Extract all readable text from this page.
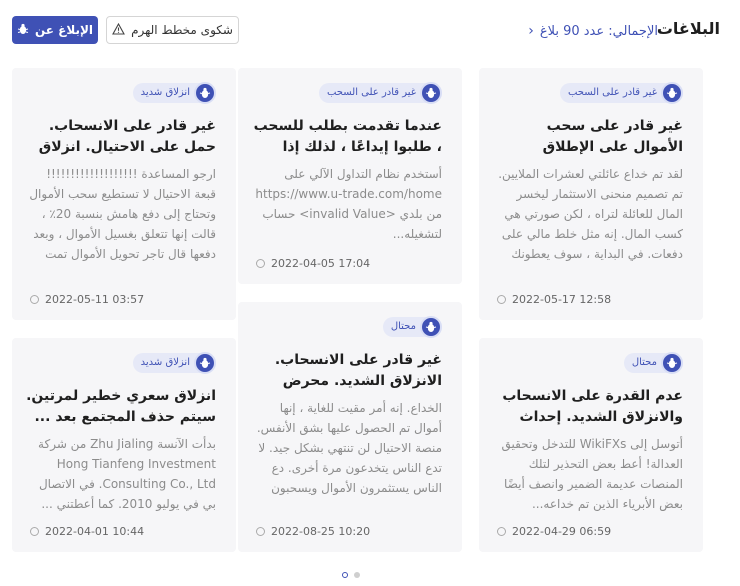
البلاغات
الإجمالي: عدد 90 بلاغ
‹
الإبلاغ عن	شكوى مخطط الهرم
غير قادر على السحب
غير قادر على سحب الأموال على الإطلاق
لقد تم خداع عائلتي لعشرات الملايين. تم تصميم منحنى الاستثمار ليخسر المال للعائلة لتراه ، لكن صورتي هي كسب المال. إنه مثل خلط مالي على دفعات. في البداية ، سوف يعطونك
2022-05-17 12:58
غير قادر على السحب
عندما تقدمت بطلب للسحب ، طلبوا إيداعًا ، لذلك إذا
أستخدم نظام التداول الآلي على https://www.u-trade.com/home من بلدي <invalid Value> حساب لتشغيله...
2022-04-05 17:04
انزلاق شديد
غير قادر على الانسحاب. حمل على الاحتيال. انزلاق
ارجو المساعدة !!!!!!!!!!!!!!!!!!! قبعة الاحتيال لا تستطيع سحب الأموال وتحتاج إلى دفع هامش بنسبة 20٪ ، قالت إنها تتعلق بغسيل الأموال ، وبعد دفعها قال تاجر تحويل الأموال تمت
2022-05-11 03:57
محتال
عدم القدرة على الانسحاب والانزلاق الشديد. إحداث
أتوسل إلى WikiFXs للتدخل وتحقيق العدالة! أعط بعض التحذير لتلك المنصات عديمة الضمير وانصف أيضًا بعض الأبرياء الذين تم خداعه...
2022-04-29 06:59
محتال
غير قادر على الانسحاب. الانزلاق الشديد. محرض
الخداع. إنه أمر مقيت للغاية ، إنها أموال تم الحصول عليها بشق الأنفس. منصة الاحتيال لن تنتهي بشكل جيد. لا تدع الناس يتخدعون مرة أخرى. دع الناس يستثمرون الأموال ويسحبون
2022-08-25 10:20
انزلاق شديد
انزلاق سعري خطير لمرتين. سيتم حذف المجتمع بعد ...
بدأت الآنسة Zhu Jialing من شركة Hong Tianfeng Investment Consulting Co., Ltd. في الاتصال بي في يوليو 2010. كما أعطتني ...
2022-04-01 10:44
